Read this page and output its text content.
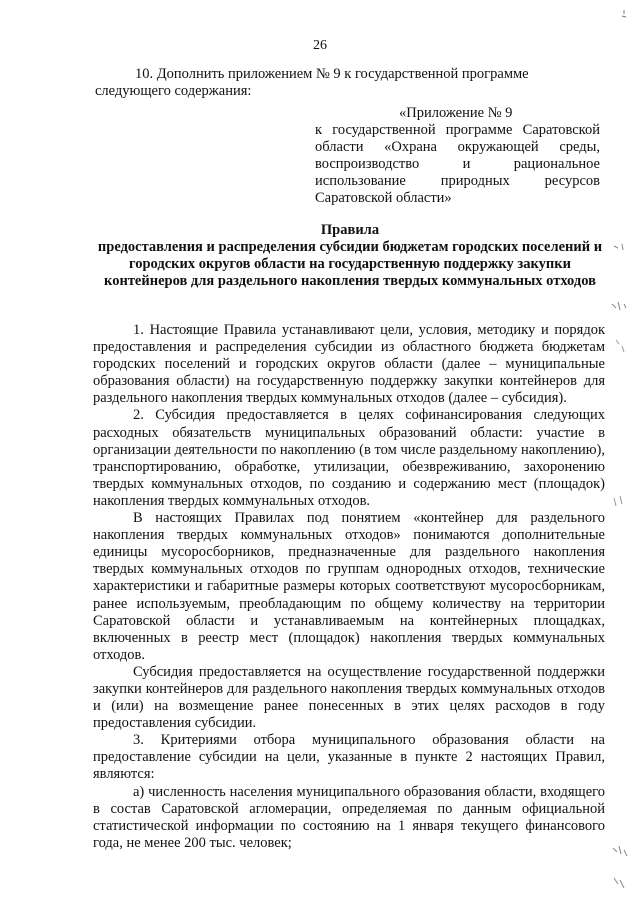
26
10. Дополнить приложением № 9 к государственной программе следующего содержания:
«Приложение № 9
к государственной программе Саратовской области «Охрана окружающей среды, воспроизводство и рациональное использование природных ресурсов Саратовской области»
Правила
предоставления и распределения субсидии бюджетам городских поселений и городских округов области на государственную поддержку закупки контейнеров для раздельного накопления твердых коммунальных отходов

1. Настоящие Правила устанавливают цели, условия, методику и порядок предоставления и распределения субсидии из областного бюджета бюджетам городских поселений и городских округов области (далее – муниципальные образования области) на государственную поддержку закупки контейнеров для раздельного накопления твердых коммунальных отходов (далее – субсидия).

2. Субсидия предоставляется в целях софинансирования следующих расходных обязательств муниципальных образований области: участие в организации деятельности по накоплению (в том числе раздельному накоплению), транспортированию, обработке, утилизации, обезвреживанию, захоронению твердых коммунальных отходов, по созданию и содержанию мест (площадок) накопления твердых коммунальных отходов.

В настоящих Правилах под понятием «контейнер для раздельного накопления твердых коммунальных отходов» понимаются дополнительные единицы мусоросборников, предназначенные для раздельного накопления твердых коммунальных отходов по группам однородных отходов, технические характеристики и габаритные размеры которых соответствуют мусоросборникам, ранее используемым, преобладающим по общему количеству на территории Саратовской области и устанавливаемым на контейнерных площадках, включенных в реестр мест (площадок) накопления твердых коммунальных отходов.

Субсидия предоставляется на осуществление государственной поддержки закупки контейнеров для раздельного накопления твердых коммунальных отходов и (или) на возмещение ранее понесенных в этих целях расходов в году предоставления субсидии.

3. Критериями отбора муниципального образования области на предоставление субсидии на цели, указанные в пункте 2 настоящих Правил, являются:

а) численность населения муниципального образования области, входящего в состав Саратовской агломерации, определяемая по данным официальной статистической информации по состоянию на 1 января текущего финансового года, не менее 200 тыс. человек;
